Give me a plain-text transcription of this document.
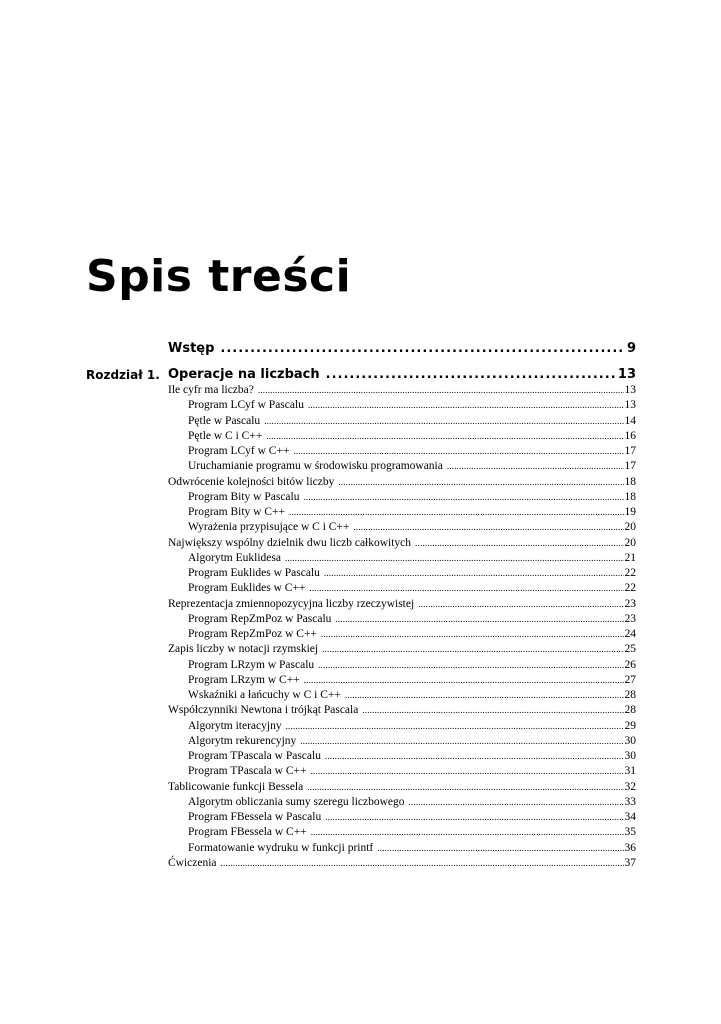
Spis treści
Wstęp .....	9
Rozdział 1. Operacje na liczbach .....	13
Ile cyfr ma liczba? .....	13
Program LCyf w Pascalu .....	13
Pętle w Pascalu .....	14
Pętle w C i C++ .....	16
Program LCyf w C++ .....	17
Uruchamianie programu w środowisku programowania .....	17
Odwrócenie kolejności bitów liczby .....	18
Program Bity w Pascalu .....	18
Program Bity w C++ .....	19
Wyrażenia przypisujące w C i C++ .....	20
Największy wspólny dzielnik dwu liczb całkowitych .....	20
Algorytm Euklidesa .....	21
Program Euklides w Pascalu .....	22
Program Euklides w C++ .....	22
Reprezentacja zmiennopozycyjna liczby rzeczywistej .....	23
Program RepZmPoz w Pascalu .....	23
Program RepZmPoz w C++ .....	24
Zapis liczby w notacji rzymskiej .....	25
Program LRzym w Pascalu .....	26
Program LRzym w C++ .....	27
Wskaźniki a łańcuchy w C i C++ .....	28
Współczynniki Newtona i trójkąt Pascala .....	28
Algorytm iteracyjny .....	29
Algorytm rekurencyjny .....	30
Program TPascala w Pascalu .....	30
Program TPascala w C++ .....	31
Tablicowanie funkcji Bessela .....	32
Algorytm obliczania sumy szeregu liczbowego .....	33
Program FBessela w Pascalu .....	34
Program FBessela w C++ .....	35
Formatowanie wydruku w funkcji printf .....	36
Ćwiczenia .....	37
